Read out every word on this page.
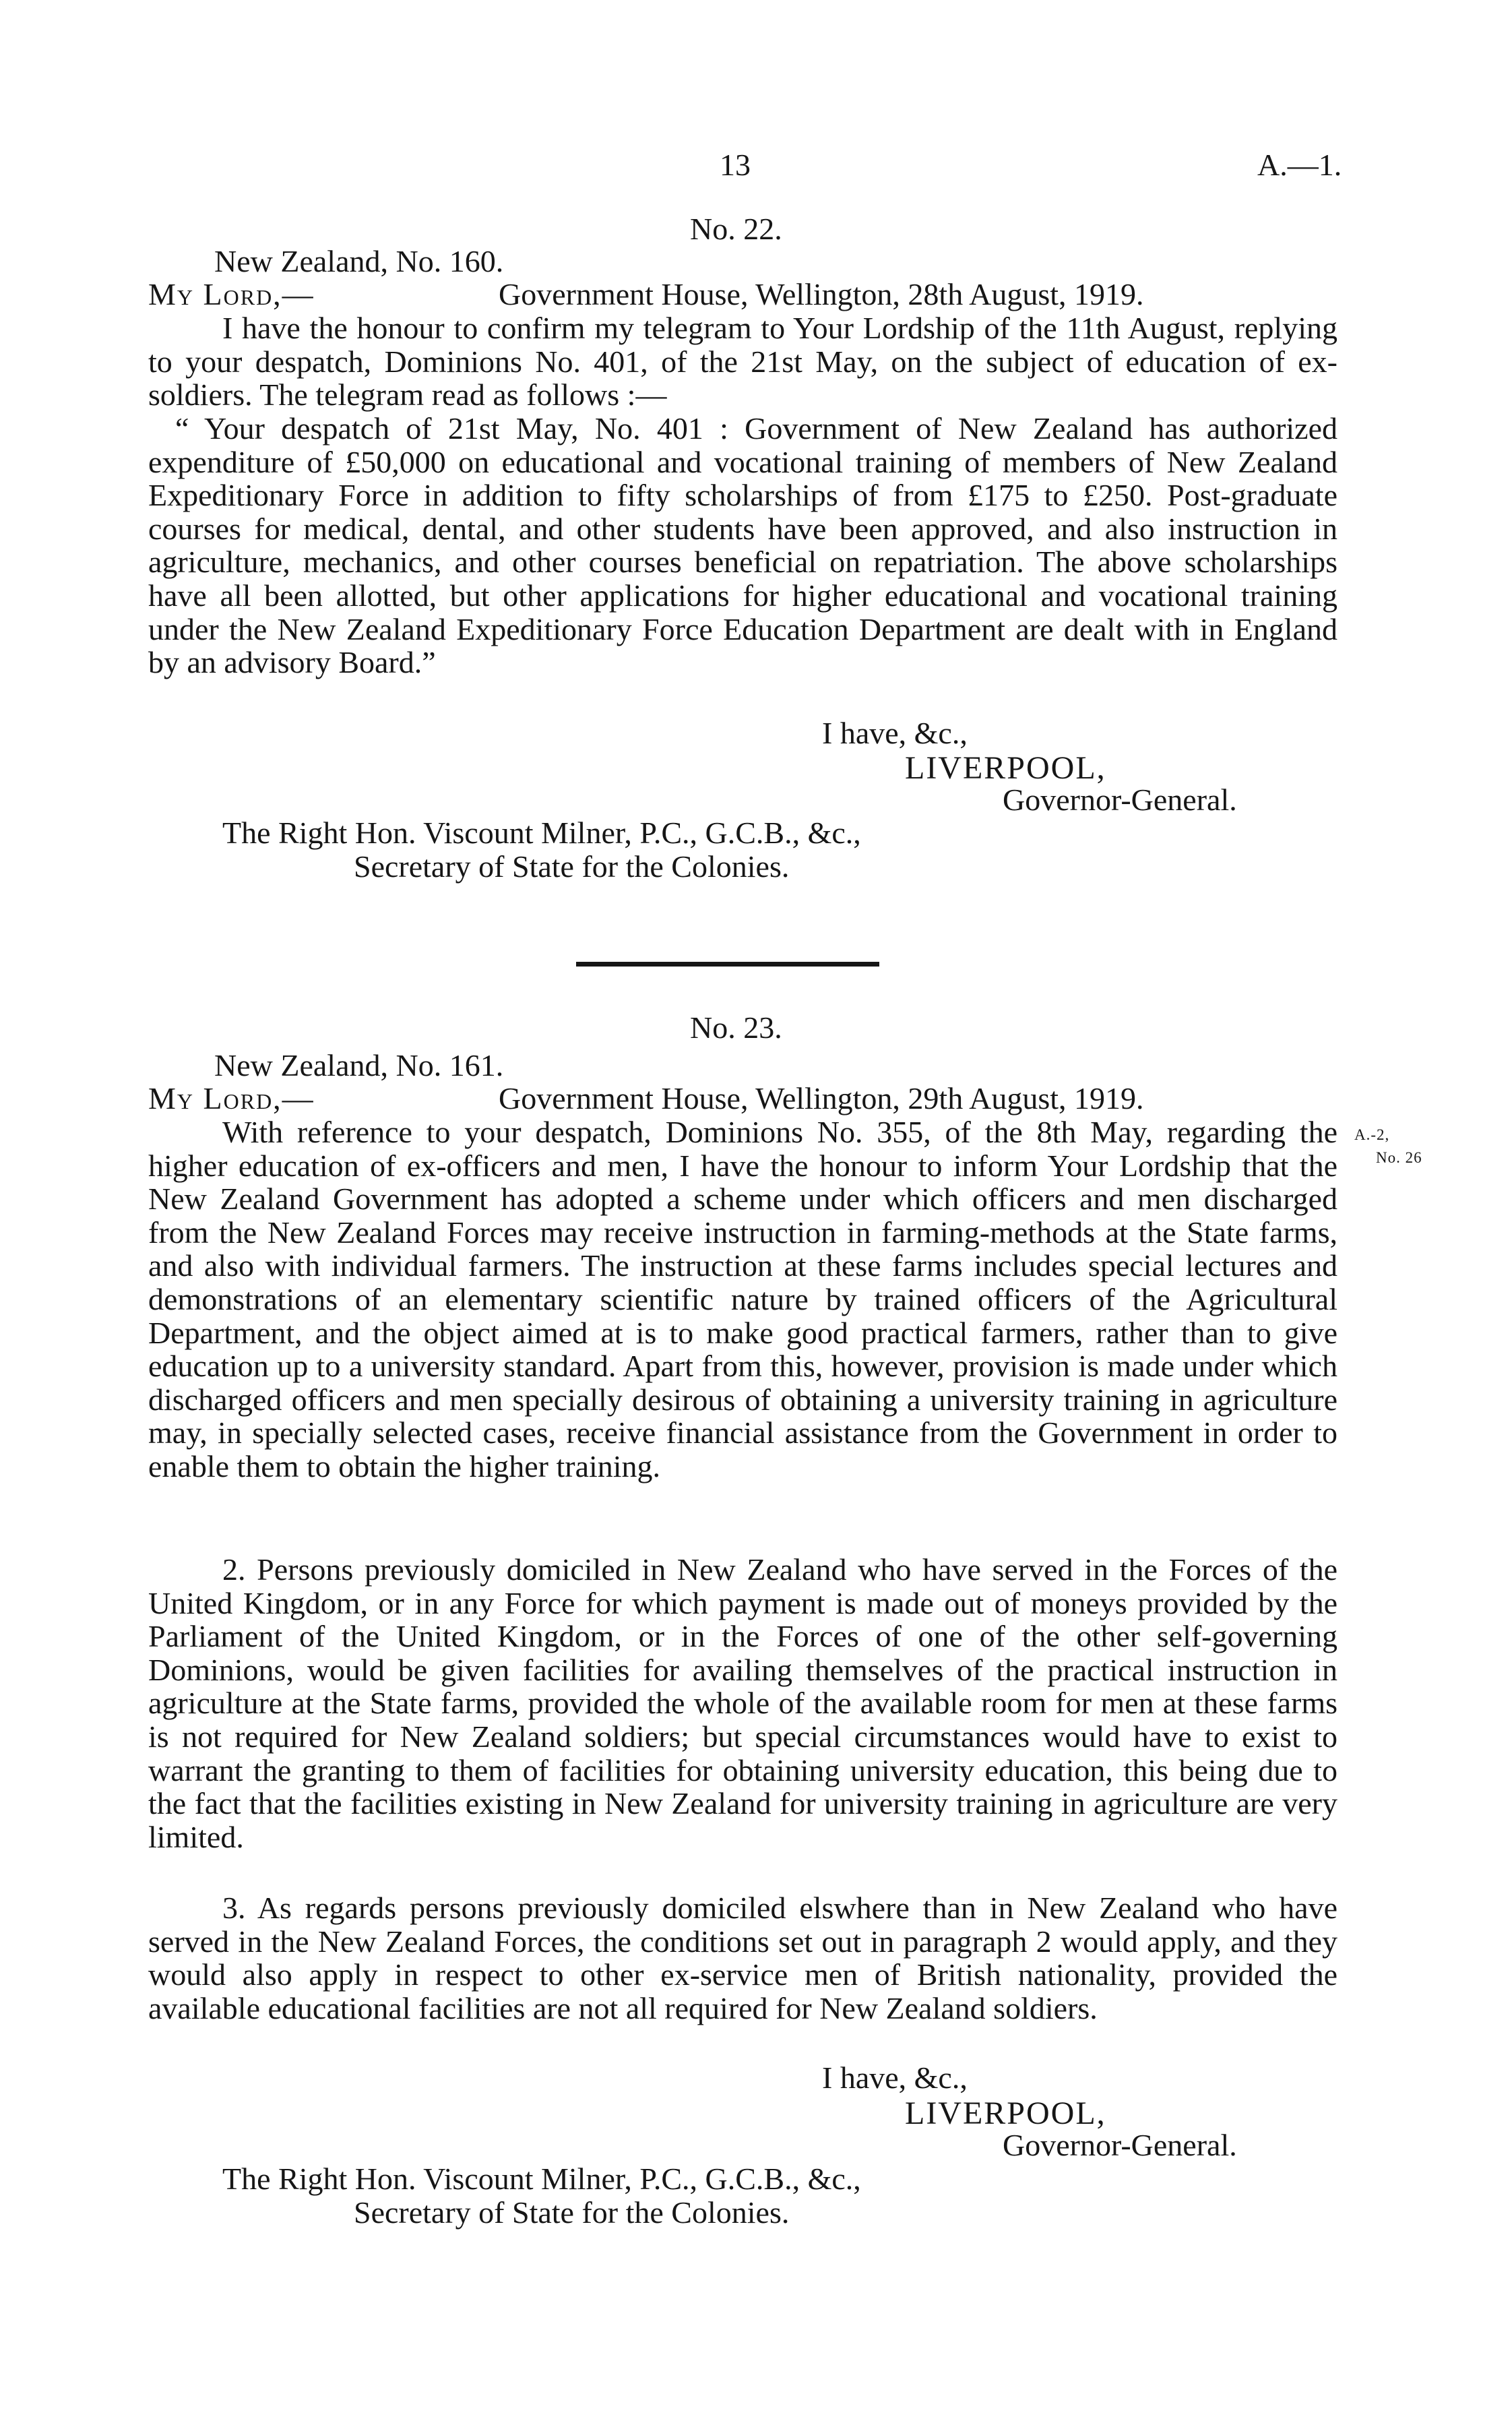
13	A.—1.
No. 22.
New Zealand, No. 160.
My Lord,—	Government House, Wellington, 28th August, 1919.

I have the honour to confirm my telegram to Your Lordship of the 11th August, replying to your despatch, Dominions No. 401, of the 21st May, on the subject of education of ex-soldiers. The telegram read as follows :—

“ Your despatch of 21st May, No. 401 : Government of New Zealand has authorized expenditure of £50,000 on educational and vocational training of members of New Zealand Expeditionary Force in addition to fifty scholarships of from £175 to £250. Post-graduate courses for medical, dental, and other students have been approved, and also instruction in agriculture, mechanics, and other courses beneficial on repatriation. The above scholarships have all been allotted, but other applications for higher educational and vocational training under the New Zealand Expeditionary Force Education Department are dealt with in England by an advisory Board.”

I have, &c.,
LIVERPOOL,
Governor-General.
The Right Hon. Viscount Milner, P.C., G.C.B., &c.,
Secretary of State for the Colonies.
No. 23.
New Zealand, No. 161.
My Lord,—	Government House, Wellington, 29th August, 1919.
A.-2,
No. 26

With reference to your despatch, Dominions No. 355, of the 8th May, regarding the higher education of ex-officers and men, I have the honour to inform Your Lordship that the New Zealand Government has adopted a scheme under which officers and men discharged from the New Zealand Forces may receive instruction in farming-methods at the State farms, and also with individual farmers. The instruction at these farms includes special lectures and demonstrations of an elementary scientific nature by trained officers of the Agricultural Department, and the object aimed at is to make good practical farmers, rather than to give education up to a university standard. Apart from this, however, provision is made under which discharged officers and men specially desirous of obtaining a university training in agriculture may, in specially selected cases, receive financial assistance from the Government in order to enable them to obtain the higher training.

2. Persons previously domiciled in New Zealand who have served in the Forces of the United Kingdom, or in any Force for which payment is made out of moneys provided by the Parliament of the United Kingdom, or in the Forces of one of the other self-governing Dominions, would be given facilities for availing themselves of the practical instruction in agriculture at the State farms, provided the whole of the available room for men at these farms is not required for New Zealand soldiers; but special circumstances would have to exist to warrant the granting to them of facilities for obtaining university education, this being due to the fact that the facilities existing in New Zealand for university training in agriculture are very limited.

3. As regards persons previously domiciled elswhere than in New Zealand who have served in the New Zealand Forces, the conditions set out in paragraph 2 would apply, and they would also apply in respect to other ex-service men of British nationality, provided the available educational facilities are not all required for New Zealand soldiers.

I have, &c.,
LIVERPOOL,
Governor-General.
The Right Hon. Viscount Milner, P.C., G.C.B., &c.,
Secretary of State for the Colonies.
